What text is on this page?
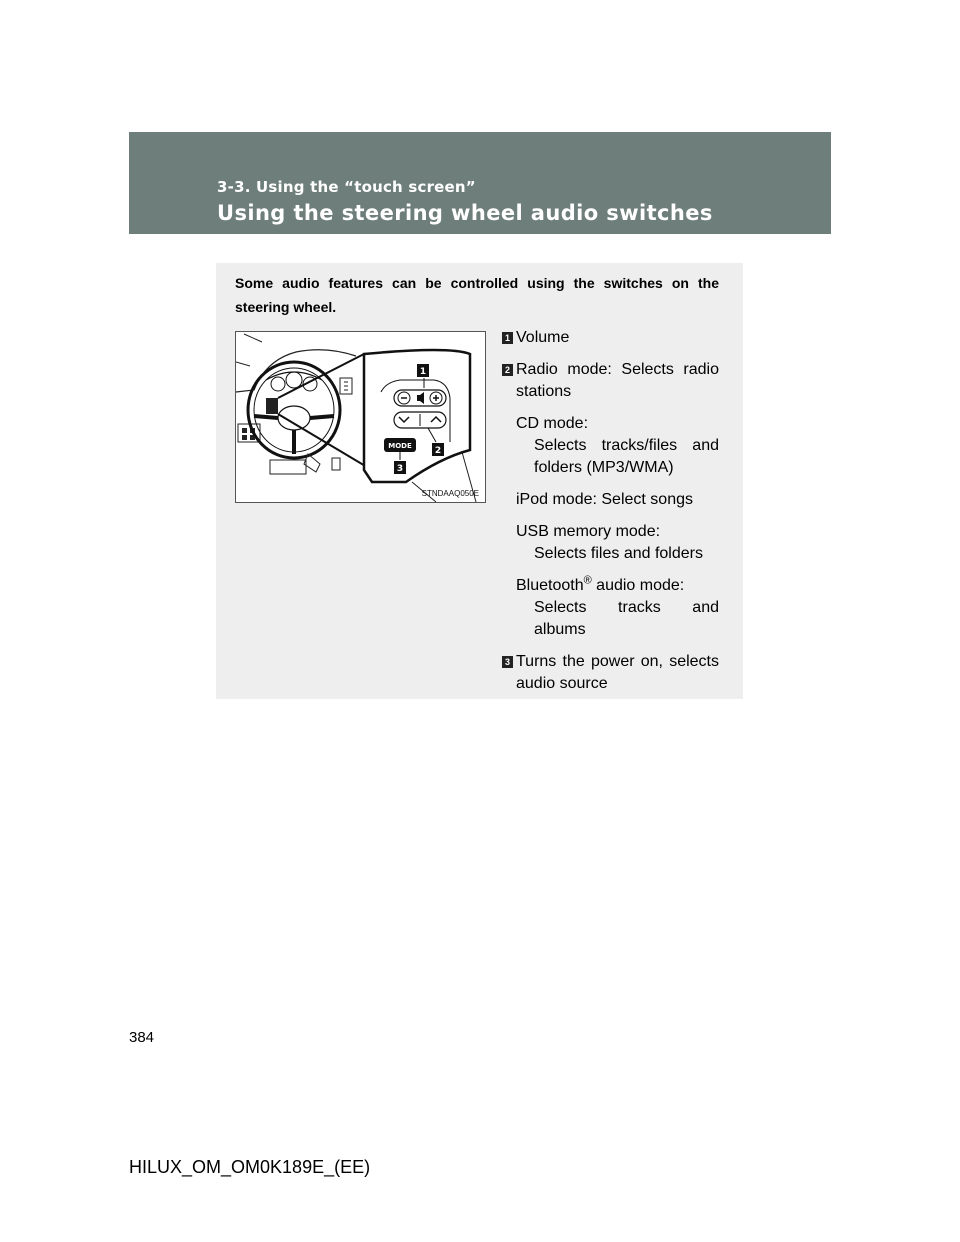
3-3. Using the “touch screen”
Using the steering wheel audio switches
Some audio features can be controlled using the switches on the steering wheel.
MODE
1
2
3
STNDAAQ050E
1 Volume
2 Radio mode: Selects radio stations
CD mode:
Selects tracks/files and folders (MP3/WMA)
iPod mode: Select songs
USB memory mode:
Selects files and folders
Bluetooth® audio mode:
Selects tracks and albums
3 Turns the power on, selects audio source
384
HILUX_OM_OM0K189E_(EE)
